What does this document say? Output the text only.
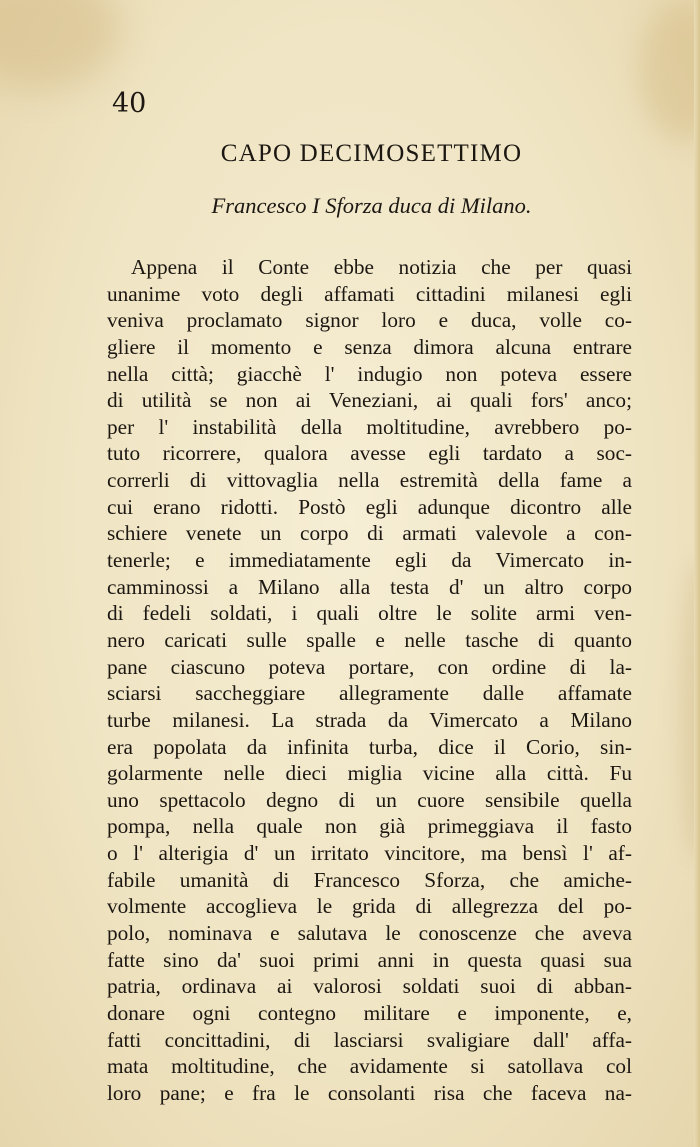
40
CAPO DECIMOSETTIMO
Francesco I Sforza duca di Milano.
Appena il Conte ebbe notizia che per quasi
unanime voto degli affamati cittadini milanesi egli
veniva proclamato signor loro e duca, volle co-
gliere il momento e senza dimora alcuna entrare
nella città; giacchè l' indugio non poteva essere
di utilità se non ai Veneziani, ai quali fors' anco;
per l' instabilità della moltitudine, avrebbero po-
tuto ricorrere, qualora avesse egli tardato a soc-
correrli di vittovaglia nella estremità della fame a
cui erano ridotti. Postò egli adunque dicontro alle
schiere venete un corpo di armati valevole a con-
tenerle; e immediatamente egli da Vimercato in-
camminossi a Milano alla testa d' un altro corpo
di fedeli soldati, i quali oltre le solite armi ven-
nero caricati sulle spalle e nelle tasche di quanto
pane ciascuno poteva portare, con ordine di la-
sciarsi saccheggiare allegramente dalle affamate
turbe milanesi. La strada da Vimercato a Milano
era popolata da infinita turba, dice il Corio, sin-
golarmente nelle dieci miglia vicine alla città. Fu
uno spettacolo degno di un cuore sensibile quella
pompa, nella quale non già primeggiava il fasto
o l' alterigia d' un irritato vincitore, ma bensì l' af-
fabile umanità di Francesco Sforza, che amiche-
volmente accoglieva le grida di allegrezza del po-
polo, nominava e salutava le conoscenze che aveva
fatte sino da' suoi primi anni in questa quasi sua
patria, ordinava ai valorosi soldati suoi di abban-
donare ogni contegno militare e imponente, e,
fatti concittadini, di lasciarsi svaligiare dall' affa-
mata moltitudine, che avidamente si satollava col
loro pane; e fra le consolanti risa che faceva na-
